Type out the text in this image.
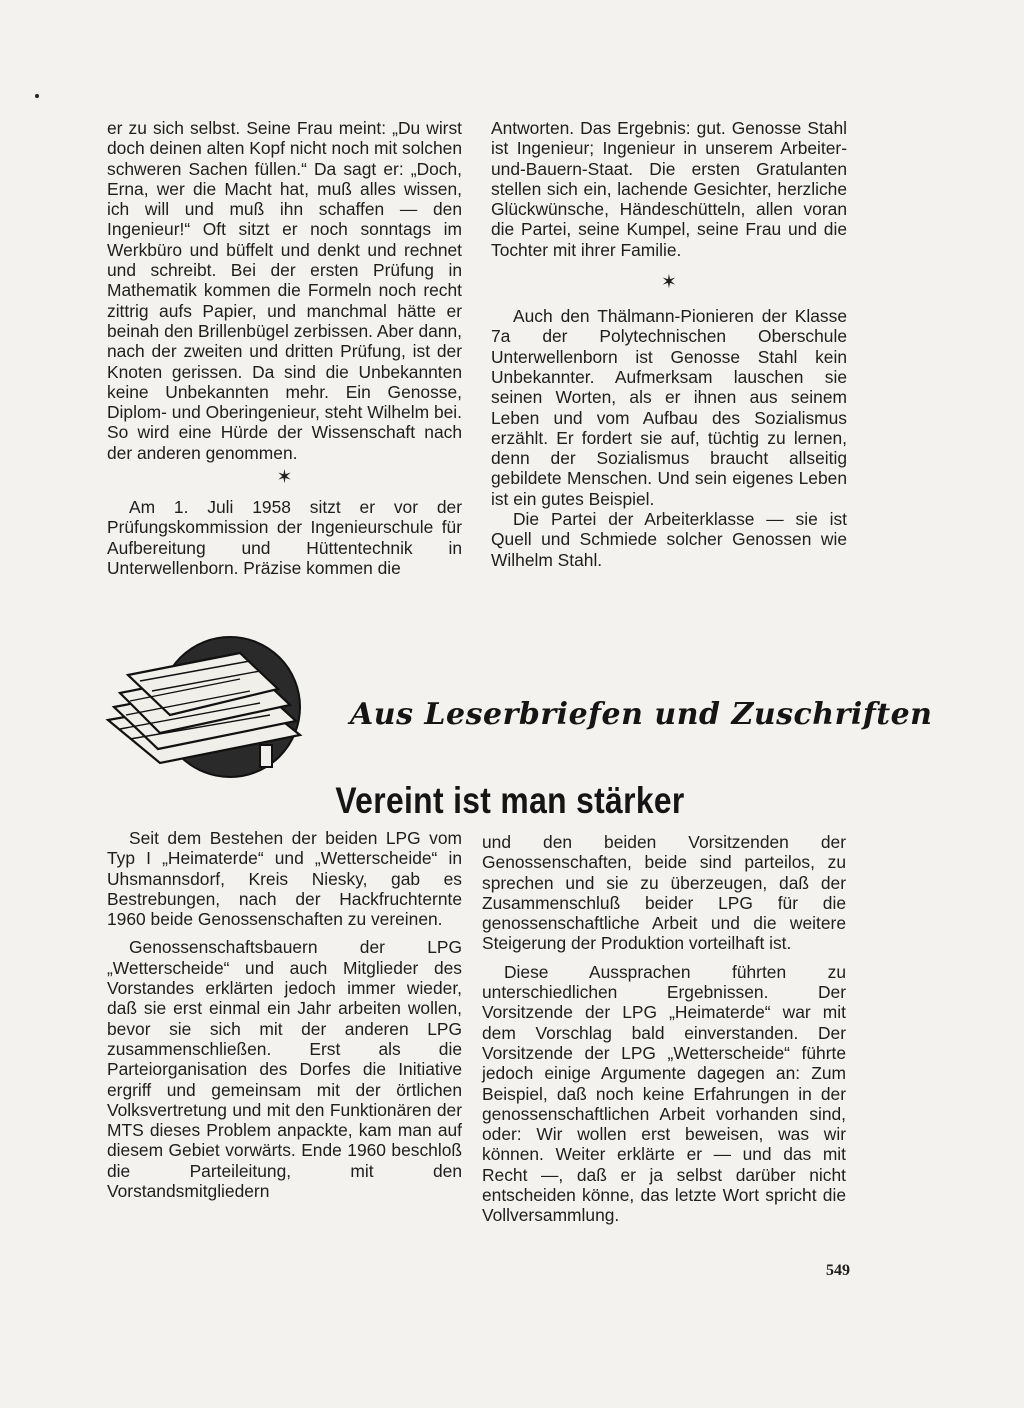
er zu sich selbst. Seine Frau meint: „Du wirst doch deinen alten Kopf nicht noch mit solchen schweren Sachen füllen.“ Da sagt er: „Doch, Erna, wer die Macht hat, muß alles wissen, ich will und muß ihn schaffen — den Ingenieur!“ Oft sitzt er noch sonntags im Werkbüro und büffelt und denkt und rechnet und schreibt. Bei der ersten Prüfung in Mathematik kommen die Formeln noch recht zittrig aufs Papier, und manchmal hätte er beinah den Brillenbügel zerbissen. Aber dann, nach der zweiten und dritten Prüfung, ist der Knoten gerissen. Da sind die Unbekannten keine Unbekannten mehr. Ein Genosse, Diplom- und Oberingenieur, steht Wilhelm bei. So wird eine Hürde der Wissenschaft nach der anderen genommen.

✶

Am 1. Juli 1958 sitzt er vor der Prüfungskommission der Ingenieurschule für Aufbereitung und Hüttentechnik in Unterwellenborn. Präzise kommen die

Antworten. Das Ergebnis: gut. Genosse Stahl ist Ingenieur; Ingenieur in unserem Arbeiter-und-Bauern-Staat. Die ersten Gratulanten stellen sich ein, lachende Gesichter, herzliche Glückwünsche, Händeschütteln, allen voran die Partei, seine Kumpel, seine Frau und die Tochter mit ihrer Familie.

✶

Auch den Thälmann-Pionieren der Klasse 7a der Polytechnischen Oberschule Unterwellenborn ist Genosse Stahl kein Unbekannter. Aufmerksam lauschen sie seinen Worten, als er ihnen aus seinem Leben und vom Aufbau des Sozialismus erzählt. Er fordert sie auf, tüchtig zu lernen, denn der Sozialismus braucht allseitig gebildete Menschen. Und sein eigenes Leben ist ein gutes Beispiel.

Die Partei der Arbeiterklasse — sie ist Quell und Schmiede solcher Genossen wie Wilhelm Stahl.

Aus Leserbriefen und Zuschriften
Vereint ist man stärker

Seit dem Bestehen der beiden LPG vom Typ I „Heimaterde“ und „Wetterscheide“ in Uhsmannsdorf, Kreis Niesky, gab es Bestrebungen, nach der Hackfruchternte 1960 beide Genossenschaften zu vereinen.

Genossenschaftsbauern der LPG „Wetterscheide“ und auch Mitglieder des Vorstandes erklärten jedoch immer wieder, daß sie erst einmal ein Jahr arbeiten wollen, bevor sie sich mit der anderen LPG zusammenschließen. Erst als die Parteiorganisation des Dorfes die Initiative ergriff und gemeinsam mit der örtlichen Volksvertretung und mit den Funktionären der MTS dieses Problem anpackte, kam man auf diesem Gebiet vorwärts. Ende 1960 beschloß die Parteileitung, mit den Vorstandsmitgliedern

und den beiden Vorsitzenden der Genossenschaften, beide sind parteilos, zu sprechen und sie zu überzeugen, daß der Zusammenschluß beider LPG für die genossenschaftliche Arbeit und die weitere Steigerung der Produktion vorteilhaft ist.

Diese Aussprachen führten zu unterschiedlichen Ergebnissen. Der Vorsitzende der LPG „Heimaterde“ war mit dem Vorschlag bald einverstanden. Der Vorsitzende der LPG „Wetterscheide“ führte jedoch einige Argumente dagegen an: Zum Beispiel, daß noch keine Erfahrungen in der genossenschaftlichen Arbeit vorhanden sind, oder: Wir wollen erst beweisen, was wir können. Weiter erklärte er — und das mit Recht —, daß er ja selbst darüber nicht entscheiden könne, das letzte Wort spricht die Vollversammlung.

549
